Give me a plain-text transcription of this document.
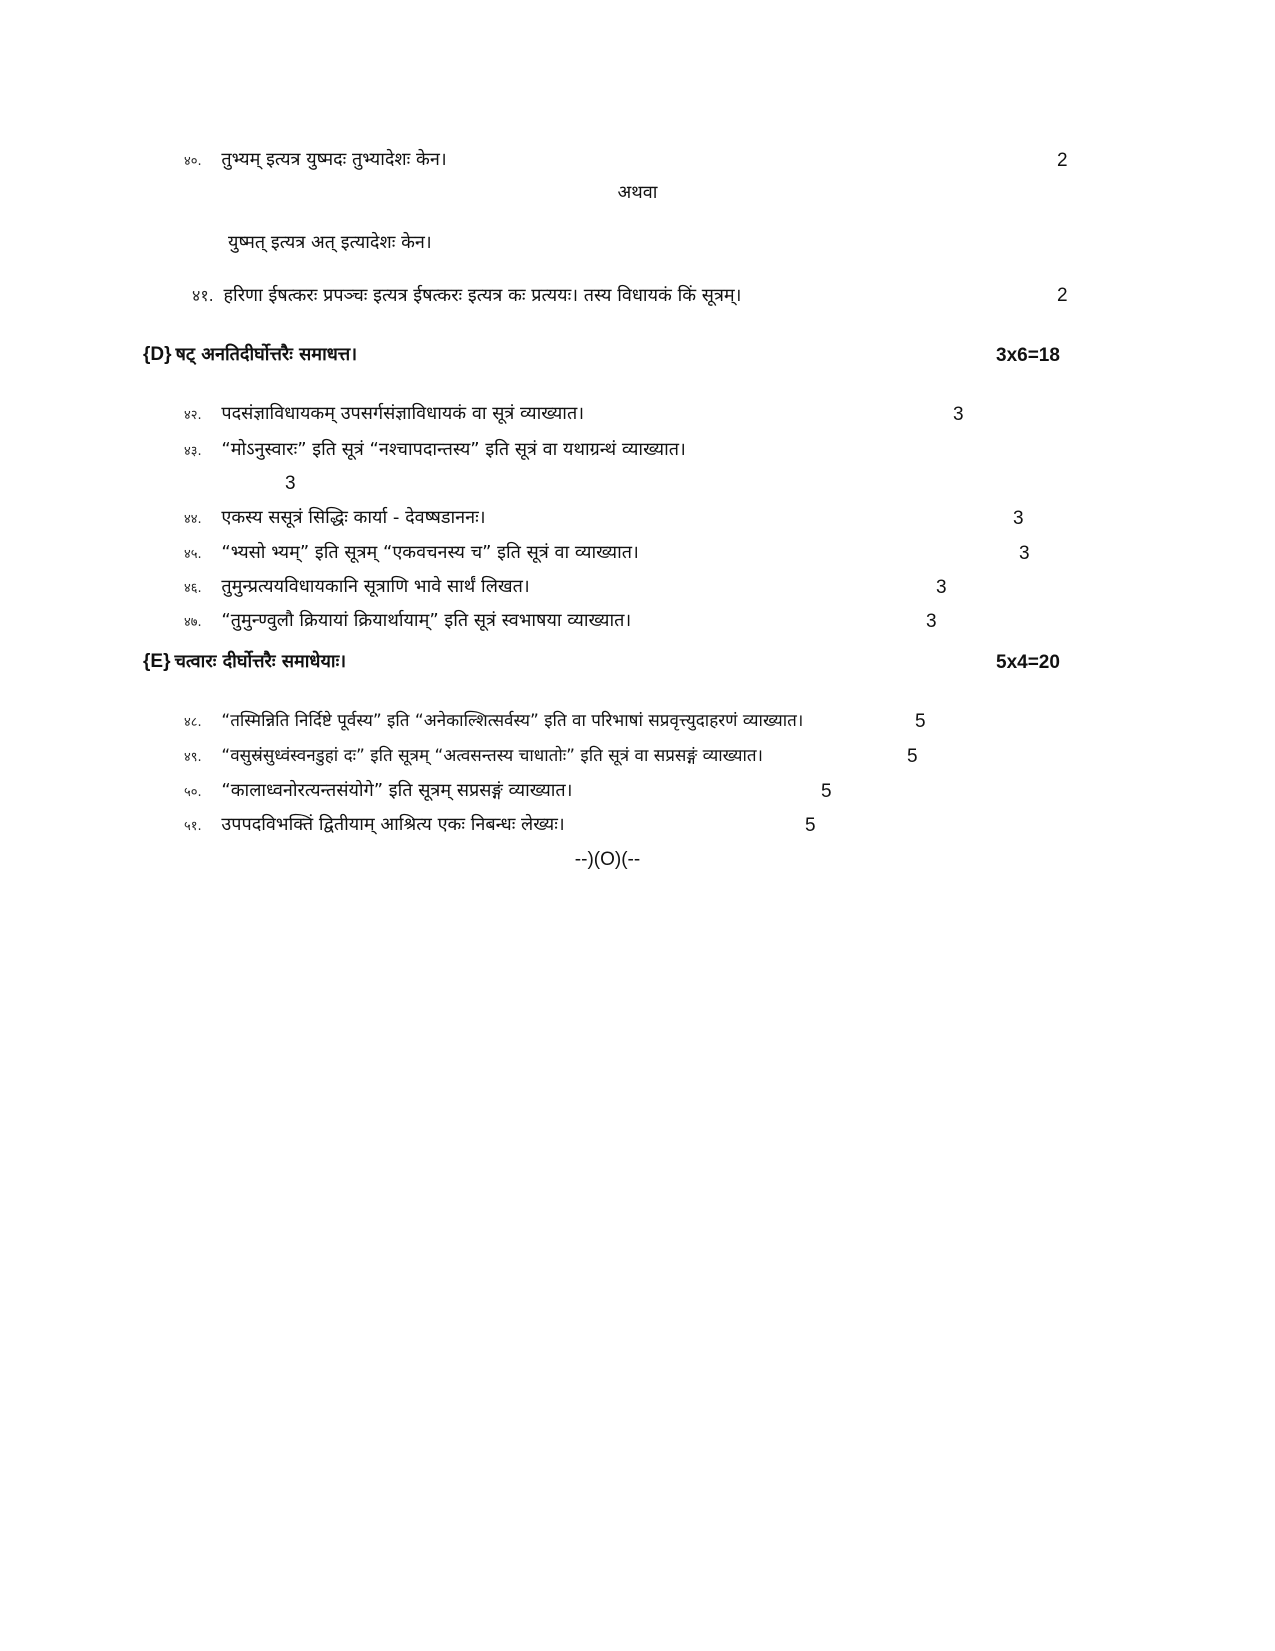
४०. तुभ्यम् इत्यत्र युष्मदः तुभ्यादेशः केन।	2
अथवा
युष्मत् इत्यत्र अत् इत्यादेशः केन।
४१. हरिणा ईषत्करः प्रपञ्चः इत्यत्र ईषत्करः इत्यत्र कः प्रत्ययः। तस्य विधायकं किं सूत्रम्।	2
{D} षट् अनतिदीर्घोत्तरैः समाधत्त।	3x6=18
४२. पदसंज्ञाविधायकम् उपसर्गसंज्ञाविधायकं वा सूत्रं व्याख्यात।	3
४३. “मोऽनुस्वारः” इति सूत्रं “नश्चापदान्तस्य” इति सूत्रं वा यथाग्रन्थं व्याख्यात।
3
४४. एकस्य ससूत्रं सिद्धिः कार्या - देवष्षडाननः।	3
४५. “भ्यसो भ्यम्” इति सूत्रम् “एकवचनस्य च” इति सूत्रं वा व्याख्यात।	3
४६. तुमुन्प्रत्ययविधायकानि सूत्राणि भावे सार्थं लिखत।	3
४७. “तुमुन्ण्वुलौ क्रियायां क्रियार्थायाम्” इति सूत्रं स्वभाषया व्याख्यात।	3
{E} चत्वारः दीर्घोत्तरैः समाधेयाः।	5x4=20
४८. “तस्मिन्निति निर्दिष्टे पूर्वस्य” इति “अनेकाल्शित्सर्वस्य” इति वा परिभाषां सप्रवृत्त्युदाहरणं व्याख्यात।	5
४९. “वसुस्रंसुध्वंस्वनडुहां दः” इति सूत्रम् “अत्वसन्तस्य चाधातोः” इति सूत्रं वा सप्रसङ्गं व्याख्यात।	5
५०. “कालाध्वनोरत्यन्तसंयोगे” इति सूत्रम् सप्रसङ्गं व्याख्यात।	5
५१. उपपदविभक्तिं द्वितीयाम् आश्रित्य एकः निबन्धः लेख्यः।	5
--)(O)(--
